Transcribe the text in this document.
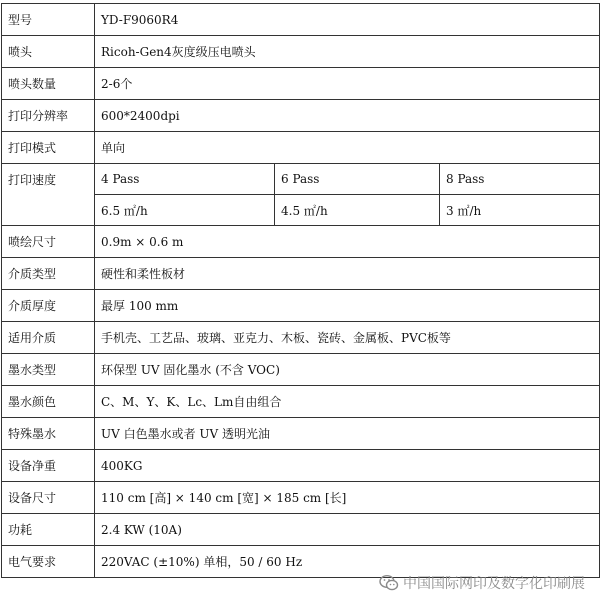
型号	YD-F9060R4		
喷头	Ricoh-Gen4灰度级压电喷头		
喷头数量	2-6个		
打印分辨率	600*2400dpi		
打印模式	单向		
打印速度	4 Pass	6 Pass	8 Pass
	6.5 ㎡/h	4.5 ㎡/h	3 ㎡/h
喷绘尺寸	0.9m × 0.6 m		
介质类型	硬性和柔性板材		
介质厚度	最厚 100 mm		
适用介质	手机壳、工艺品、玻璃、亚克力、木板、瓷砖、金属板、PVC板等		
墨水类型	环保型 UV 固化墨水 (不含 VOC)		
墨水颜色	C、M、Y、K、Lc、Lm自由组合		
特殊墨水	UV 白色墨水或者 UV 透明光油		
设备净重	400KG		
设备尺寸	110 cm [高] × 140 cm [宽] × 185 cm [长]		
功耗	2.4 KW (10A)		
电气要求	220VAC (±10%) 单相，50 / 60 Hz		
中国国际网印及数字化印刷展
